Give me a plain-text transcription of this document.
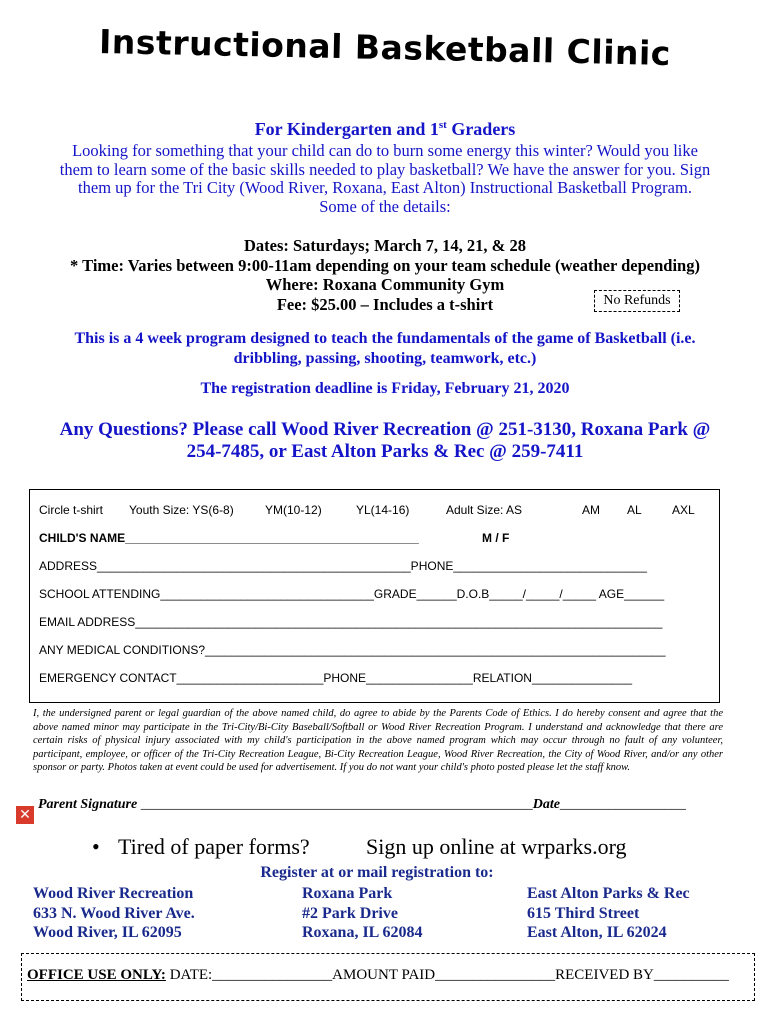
Instructional Basketball Clinic
For Kindergarten and 1st Graders
Looking for something that your child can do to burn some energy this winter? Would you like
them to learn some of the basic skills needed to play basketball? We have the answer for you. Sign
them up for the Tri City (Wood River, Roxana, East Alton) Instructional Basketball Program.
Some of the details:
Dates: Saturdays; March 7, 14, 21, & 28
* Time: Varies between 9:00-11am depending on your team schedule (weather depending)
Where: Roxana Community Gym
Fee: $25.00 – Includes a t-shirt	No Refunds
This is a 4 week program designed to teach the fundamentals of the game of Basketball (i.e.
dribbling, passing, shooting, teamwork, etc.)
The registration deadline is Friday, February 21, 2020
Any Questions? Please call Wood River Recreation @ 251-3130, Roxana Park @
254-7485, or East Alton Parks & Rec @ 259-7411
Circle t-shirt Youth Size: YS(6-8)	YM(10-12)	YL(14-16)	Adult Size: AS	AM AL	AXL
CHILD'S NAME____________________________________________	M / F
ADDRESS_______________________________________________PHONE_____________________________
SCHOOL ATTENDING________________________________GRADE______D.O.B_____/_____/_____ AGE______
EMAIL ADDRESS_______________________________________________________________________________
ANY MEDICAL CONDITIONS?_____________________________________________________________________
EMERGENCY CONTACT______________________PHONE________________RELATION_______________
I, the undersigned parent or legal guardian of the above named child, do agree to abide by the Parents Code of Ethics. I do hereby consent and agree that the above named minor may participate in the Tri-City/Bi-City Baseball/Softball or Wood River Recreation Program. I understand and acknowledge that there are certain risks of physical injury associated with my child's participation in the above named program which may occur through no fault of any volunteer, participant, employee, or officer of the Tri-City Recreation League, Bi-City Recreation League, Wood River Recreation, the City of Wood River, and/or any other sponsor or party. Photos taken at event could be used for advertisement. If you do not want your child's photo posted please let the staff know.
Parent Signature ________________________________________________________Date__________________
✕
• Tired of paper forms?	Sign up online at wrparks.org
Register at or mail registration to:
Wood River Recreation
633 N. Wood River Ave.
Wood River, IL 62095
Roxana Park
#2 Park Drive
Roxana, IL 62084
East Alton Parks & Rec
615 Third Street
East Alton, IL 62024
OFFICE USE ONLY: DATE:________________AMOUNT PAID________________RECEIVED BY__________
